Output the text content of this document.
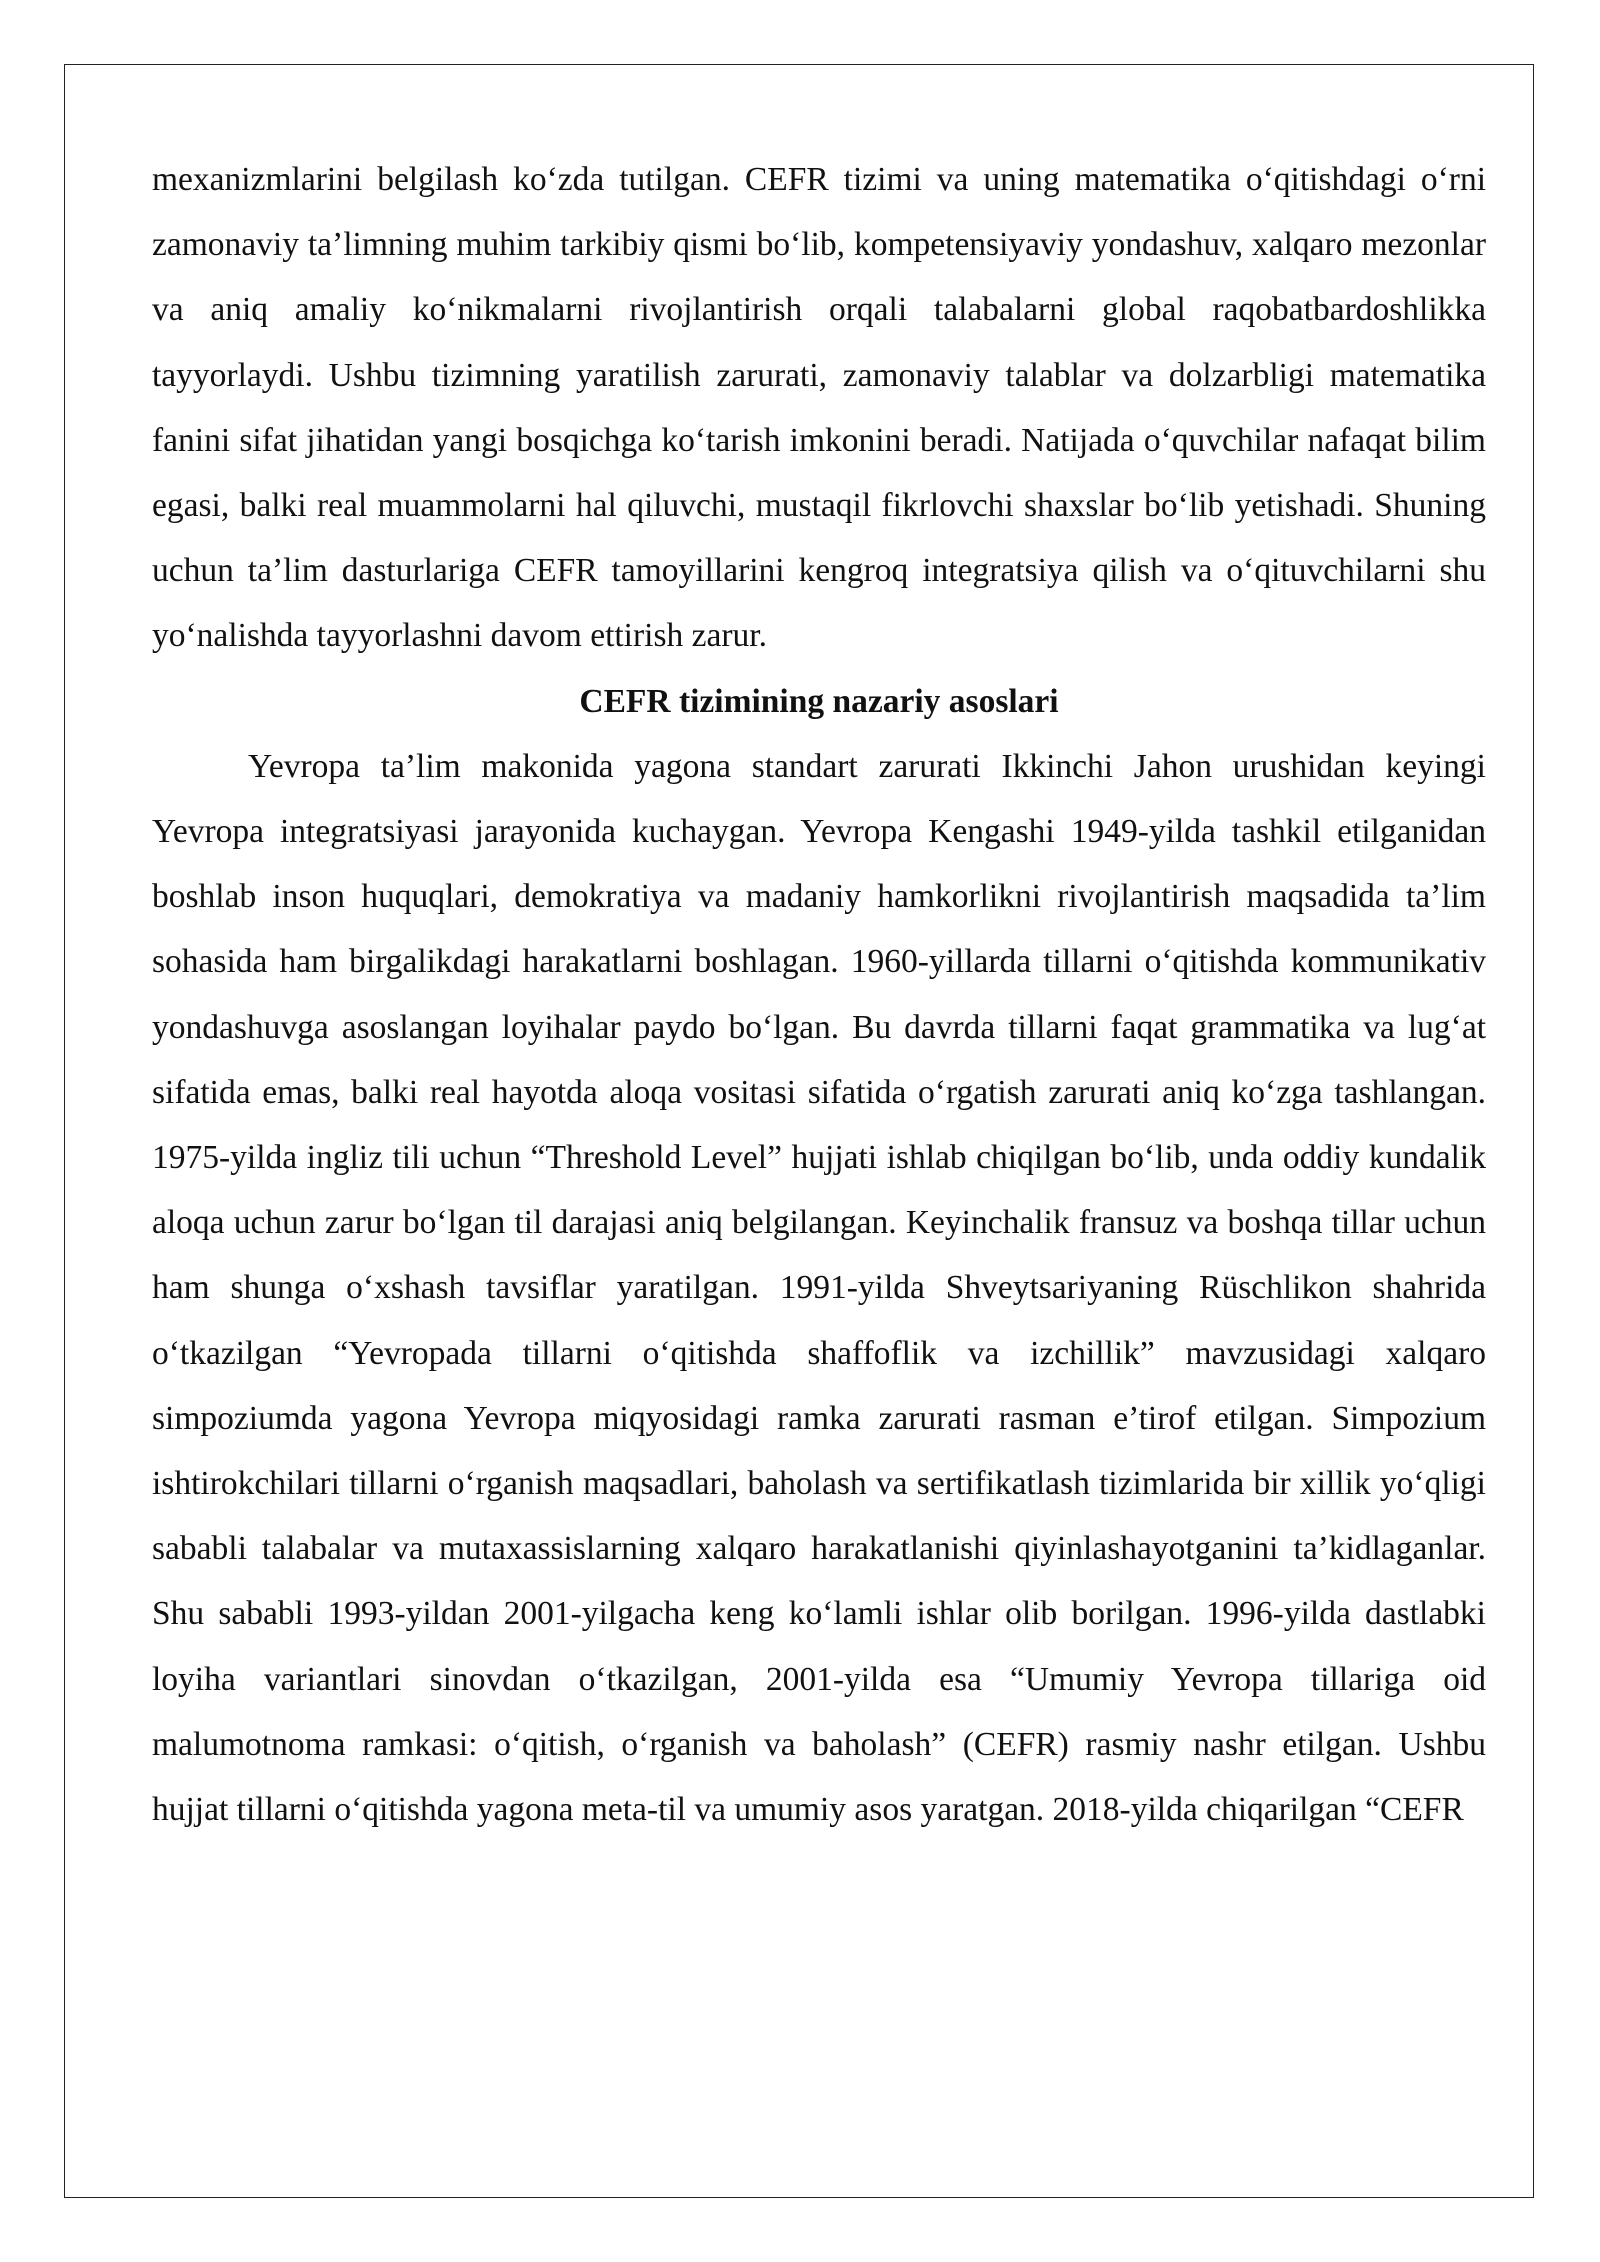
mexanizmlarini belgilash ko‘zda tutilgan. CEFR tizimi va uning matematika o‘qitishdagi o‘rni zamonaviy ta’limning muhim tarkibiy qismi bo‘lib, kompetensiyaviy yondashuv, xalqaro mezonlar va aniq amaliy ko‘nikmalarni rivojlantirish orqali talabalarni global raqobatbardoshlikka tayyorlaydi. Ushbu tizimning yaratilish zarurati, zamonaviy talablar va dolzarbligi matematika fanini sifat jihatidan yangi bosqichga ko‘tarish imkonini beradi. Natijada o‘quvchilar nafaqat bilim egasi, balki real muammolarni hal qiluvchi, mustaqil fikrlovchi shaxslar bo‘lib yetishadi. Shuning uchun ta’lim dasturlariga CEFR tamoyillarini kengroq integratsiya qilish va o‘qituvchilarni shu yo‘nalishda tayyorlashni davom ettirish zarur.

CEFR tizimining nazariy asoslari

Yevropa ta’lim makonida yagona standart zarurati Ikkinchi Jahon urushidan keyingi Yevropa integratsiyasi jarayonida kuchaygan. Yevropa Kengashi 1949-yilda tashkil etilganidan boshlab inson huquqlari, demokratiya va madaniy hamkorlikni rivojlantirish maqsadida ta’lim sohasida ham birgalikdagi harakatlarni boshlagan. 1960-yillarda tillarni o‘qitishda kommunikativ yondashuvga asoslangan loyihalar paydo bo‘lgan. Bu davrda tillarni faqat grammatika va lug‘at sifatida emas, balki real hayotda aloqa vositasi sifatida o‘rgatish zarurati aniq ko‘zga tashlangan. 1975-yilda ingliz tili uchun “Threshold Level” hujjati ishlab chiqilgan bo‘lib, unda oddiy kundalik aloqa uchun zarur bo‘lgan til darajasi aniq belgilangan. Keyinchalik fransuz va boshqa tillar uchun ham shunga o‘xshash tavsiflar yaratilgan. 1991-yilda Shveytsariyaning Rüschlikon shahrida o‘tkazilgan “Yevropada tillarni o‘qitishda shaffoflik va izchillik” mavzusidagi xalqaro simpoziumda yagona Yevropa miqyosidagi ramka zarurati rasman e’tirof etilgan. Simpozium ishtirokchilari tillarni o‘rganish maqsadlari, baholash va sertifikatlash tizimlarida bir xillik yo‘qligi sababli talabalar va mutaxassislarning xalqaro harakatlanishi qiyinlashayotganini ta’kidlaganlar. Shu sababli 1993-yildan 2001-yilgacha keng ko‘lamli ishlar olib borilgan. 1996-yilda dastlabki loyiha variantlari sinovdan o‘tkazilgan, 2001-yilda esa “Umumiy Yevropa tillariga oid malumotnoma ramkasi: o‘qitish, o‘rganish va baholash” (CEFR) rasmiy nashr etilgan. Ushbu hujjat tillarni o‘qitishda yagona meta-til va umumiy asos yaratgan. 2018-yilda chiqarilgan “CEFR
